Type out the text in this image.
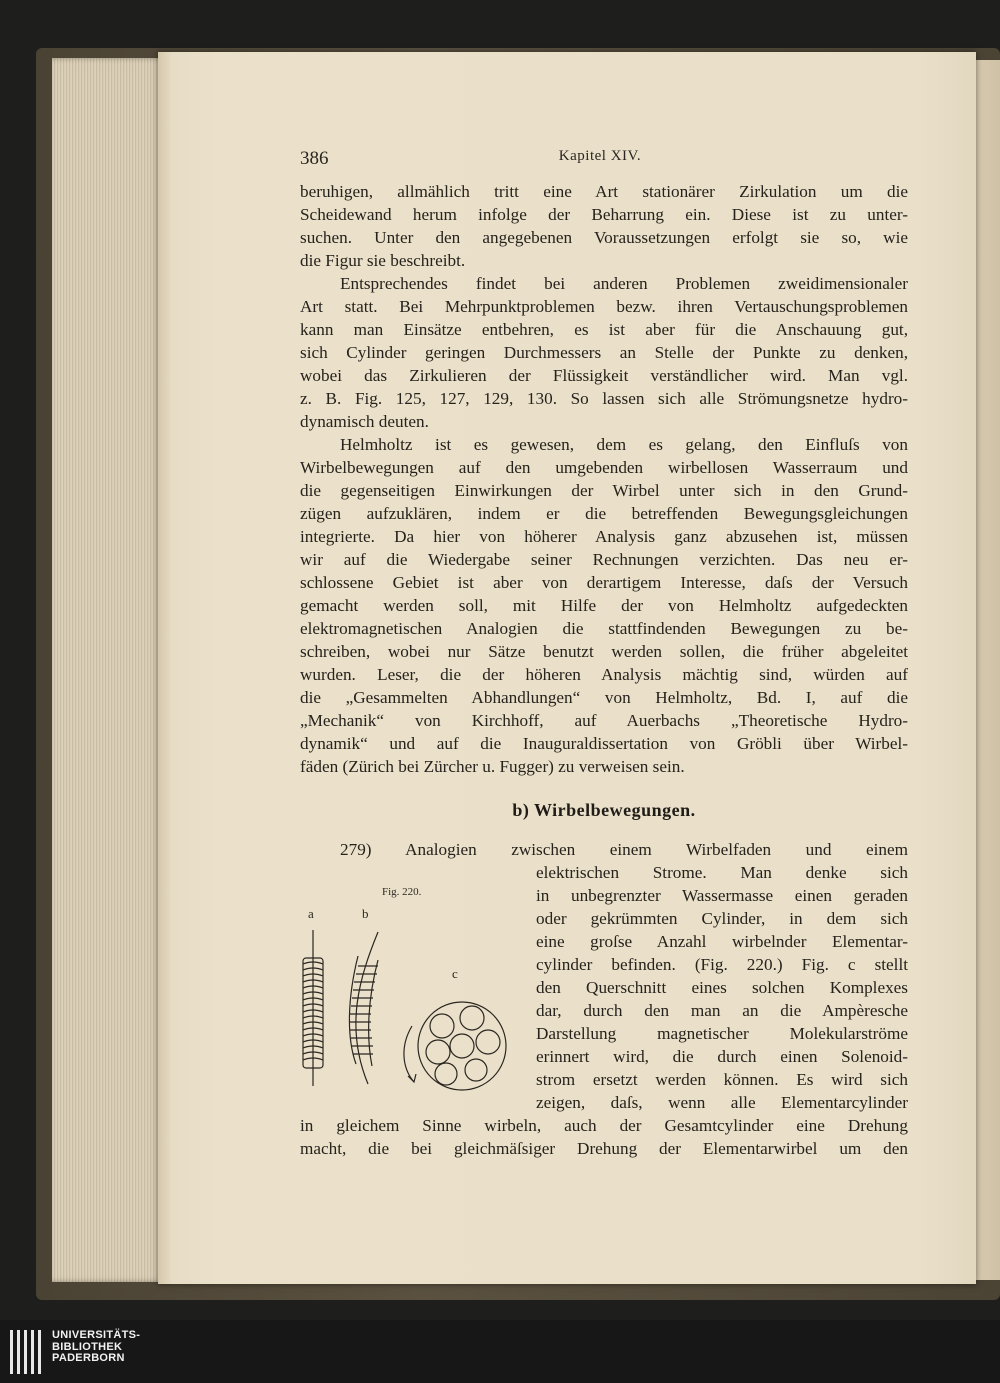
386	Kapitel XIV.
beruhigen, allmählich tritt eine Art stationärer Zirkulation um die
Scheidewand herum infolge der Beharrung ein. Diese ist zu unter-
suchen. Unter den angegebenen Voraussetzungen erfolgt sie so, wie
die Figur sie beschreibt.
Entsprechendes findet bei anderen Problemen zweidimensionaler
Art statt. Bei Mehrpunktproblemen bezw. ihren Vertauschungsproblemen
kann man Einsätze entbehren, es ist aber für die Anschauung gut,
sich Cylinder geringen Durchmessers an Stelle der Punkte zu denken,
wobei das Zirkulieren der Flüssigkeit verständlicher wird. Man vgl.
z. B. Fig. 125, 127, 129, 130. So lassen sich alle Strömungsnetze hydro-
dynamisch deuten.
Helmholtz ist es gewesen, dem es gelang, den Einfluſs von
Wirbelbewegungen auf den umgebenden wirbellosen Wasserraum und
die gegenseitigen Einwirkungen der Wirbel unter sich in den Grund-
zügen aufzuklären, indem er die betreffenden Bewegungsgleichungen
integrierte. Da hier von höherer Analysis ganz abzusehen ist, müssen
wir auf die Wiedergabe seiner Rechnungen verzichten. Das neu er-
schlossene Gebiet ist aber von derartigem Interesse, daſs der Versuch
gemacht werden soll, mit Hilfe der von Helmholtz aufgedeckten
elektromagnetischen Analogien die stattfindenden Bewegungen zu be-
schreiben, wobei nur Sätze benutzt werden sollen, die früher abgeleitet
wurden. Leser, die der höheren Analysis mächtig sind, würden auf
die „Gesammelten Abhandlungen“ von Helmholtz, Bd. I, auf die
„Mechanik“ von Kirchhoff, auf Auerbachs „Theoretische Hydro-
dynamik“ und auf die Inauguraldissertation von Gröbli über Wirbel-
fäden (Zürich bei Zürcher u. Fugger) zu verweisen sein.
b) Wirbelbewegungen.
279) Analogien zwischen einem Wirbelfaden und einem
elektrischen Strome. Man denke sich
in unbegrenzter Wassermasse einen geraden
oder gekrümmten Cylinder, in dem sich
eine groſse Anzahl wirbelnder Elementar-
cylinder befinden. (Fig. 220.) Fig. c stellt
den Querschnitt eines solchen Komplexes
dar, durch den man an die Ampèresche
Darstellung magnetischer Molekularströme
erinnert wird, die durch einen Solenoid-
strom ersetzt werden können. Es wird sich
zeigen, daſs, wenn alle Elementarcylinder
in gleichem Sinne wirbeln, auch der Gesamtcylinder eine Drehung
macht, die bei gleichmäſsiger Drehung der Elementarwirbel um den
Fig. 220.
a	b
c
UNIVERSITÄTS-
BIBLIOTHEK
PADERBORN
